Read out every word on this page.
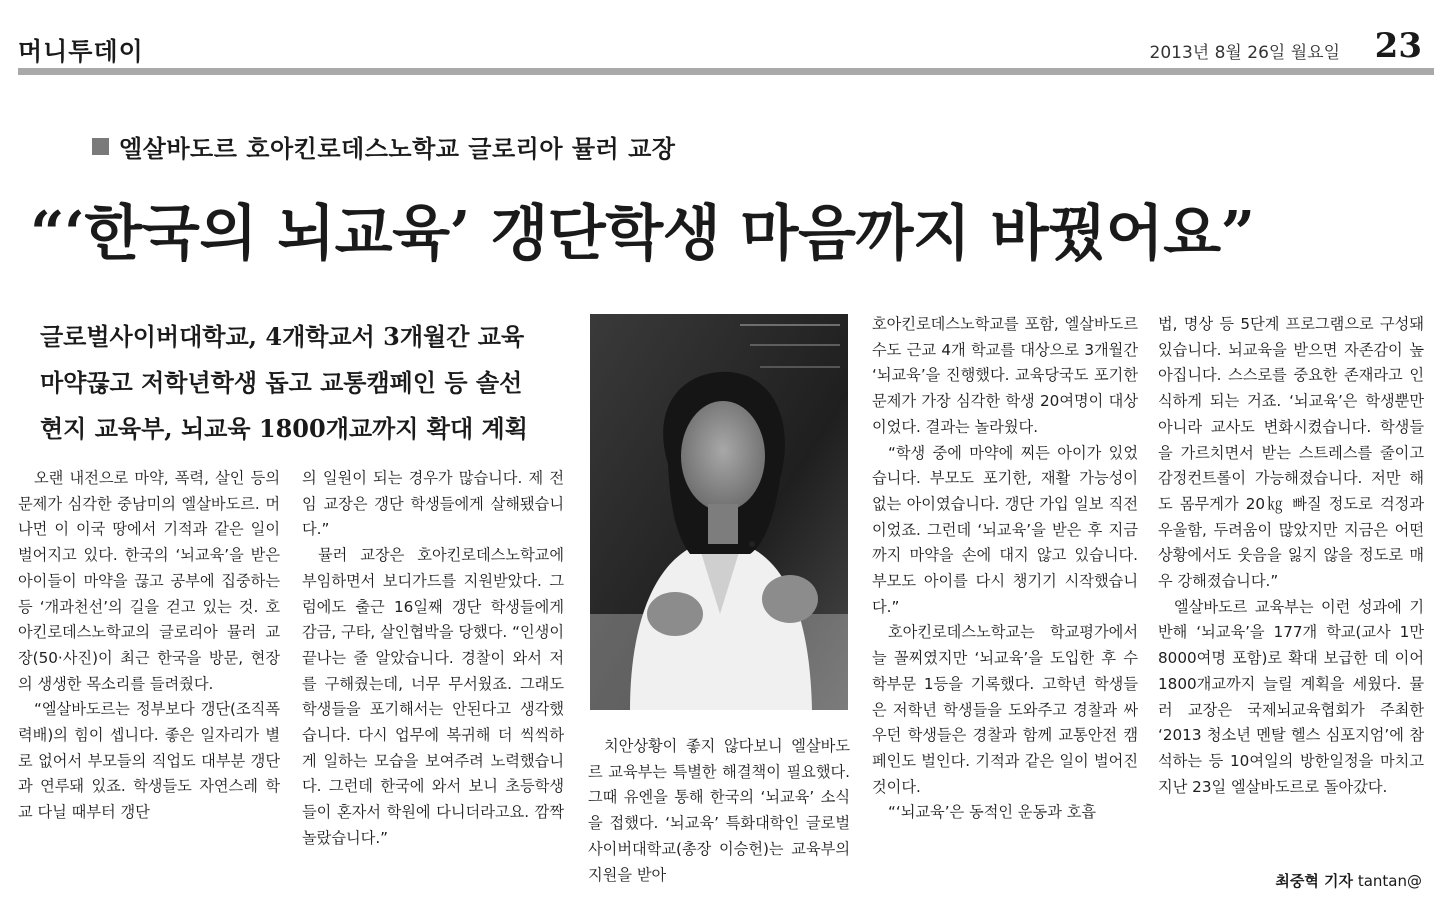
머니투데이	2013년 8월 26일 월요일 23
엘살바도르 호아킨로데스노학교 글로리아 뮬러 교장
“‘한국의 뇌교육’ 갱단학생 마음까지 바꿨어요”
글로벌사이버대학교, 4개학교서 3개월간 교육
마약끊고 저학년학생 돕고 교통캠페인 등 솔선
현지 교육부, 뇌교육 1800개교까지 확대 계획

오랜 내전으로 마약, 폭력, 살인 등의 문제가 심각한 중남미의 엘살바도르. 머나먼 이 이국 땅에서 기적과 같은 일이 벌어지고 있다. 한국의 ‘뇌교육’을 받은 아이들이 마약을 끊고 공부에 집중하는 등 ‘개과천선’의 길을 걷고 있는 것. 호아킨로데스노학교의 글로리아 뮬러 교장(50·사진)이 최근 한국을 방문, 현장의 생생한 목소리를 들려줬다.

“엘살바도르는 정부보다 갱단(조직폭력배)의 힘이 셉니다. 좋은 일자리가 별로 없어서 부모들의 직업도 대부분 갱단과 연루돼 있죠. 학생들도 자연스레 학교 다닐 때부터 갱단

의 일원이 되는 경우가 많습니다. 제 전임 교장은 갱단 학생들에게 살해됐습니다.”

뮬러 교장은 호아킨로데스노학교에 부임하면서 보디가드를 지원받았다. 그럼에도 출근 16일째 갱단 학생들에게 감금, 구타, 살인협박을 당했다. “인생이 끝나는 줄 알았습니다. 경찰이 와서 저를 구해줬는데, 너무 무서웠죠. 그래도 학생들을 포기해서는 안된다고 생각했습니다. 다시 업무에 복귀해 더 씩씩하게 일하는 모습을 보여주려 노력했습니다. 그런데 한국에 와서 보니 초등학생들이 혼자서 학원에 다니더라고요. 깜짝 놀랐습니다.”

치안상황이 좋지 않다보니 엘살바도르 교육부는 특별한 해결책이 필요했다. 그때 유엔을 통해 한국의 ‘뇌교육’ 소식을 접했다. ‘뇌교육’ 특화대학인 글로벌사이버대학교(총장 이승헌)는 교육부의 지원을 받아

호아킨로데스노학교를 포함, 엘살바도르 수도 근교 4개 학교를 대상으로 3개월간 ‘뇌교육’을 진행했다. 교육당국도 포기한 문제가 가장 심각한 학생 20여명이 대상이었다. 결과는 놀라웠다.

“학생 중에 마약에 찌든 아이가 있었습니다. 부모도 포기한, 재활 가능성이 없는 아이였습니다. 갱단 가입 일보 직전이었죠. 그런데 ‘뇌교육’을 받은 후 지금까지 마약을 손에 대지 않고 있습니다. 부모도 아이를 다시 챙기기 시작했습니다.”

호아킨로데스노학교는 학교평가에서 늘 꼴찌였지만 ‘뇌교육’을 도입한 후 수학부문 1등을 기록했다. 고학년 학생들은 저학년 학생들을 도와주고 경찰과 싸우던 학생들은 경찰과 함께 교통안전 캠페인도 벌인다. 기적과 같은 일이 벌어진 것이다.

“‘뇌교육’은 동적인 운동과 호흡

법, 명상 등 5단계 프로그램으로 구성돼 있습니다. 뇌교육을 받으면 자존감이 높아집니다. 스스로를 중요한 존재라고 인식하게 되는 거죠. ‘뇌교육’은 학생뿐만 아니라 교사도 변화시켰습니다. 학생들을 가르치면서 받는 스트레스를 줄이고 감정컨트롤이 가능해졌습니다. 저만 해도 몸무게가 20㎏ 빠질 정도로 걱정과 우울함, 두려움이 많았지만 지금은 어떤 상황에서도 웃음을 잃지 않을 정도로 매우 강해졌습니다.”

엘살바도르 교육부는 이런 성과에 기반해 ‘뇌교육’을 177개 학교(교사 1만8000여명 포함)로 확대 보급한 데 이어 1800개교까지 늘릴 계획을 세웠다. 뮬러 교장은 국제뇌교육협회가 주최한 ‘2013 청소년 멘탈 헬스 심포지엄’에 참석하는 등 10여일의 방한일정을 마치고 지난 23일 엘살바도르로 돌아갔다.

최중혁 기자 tantan@
